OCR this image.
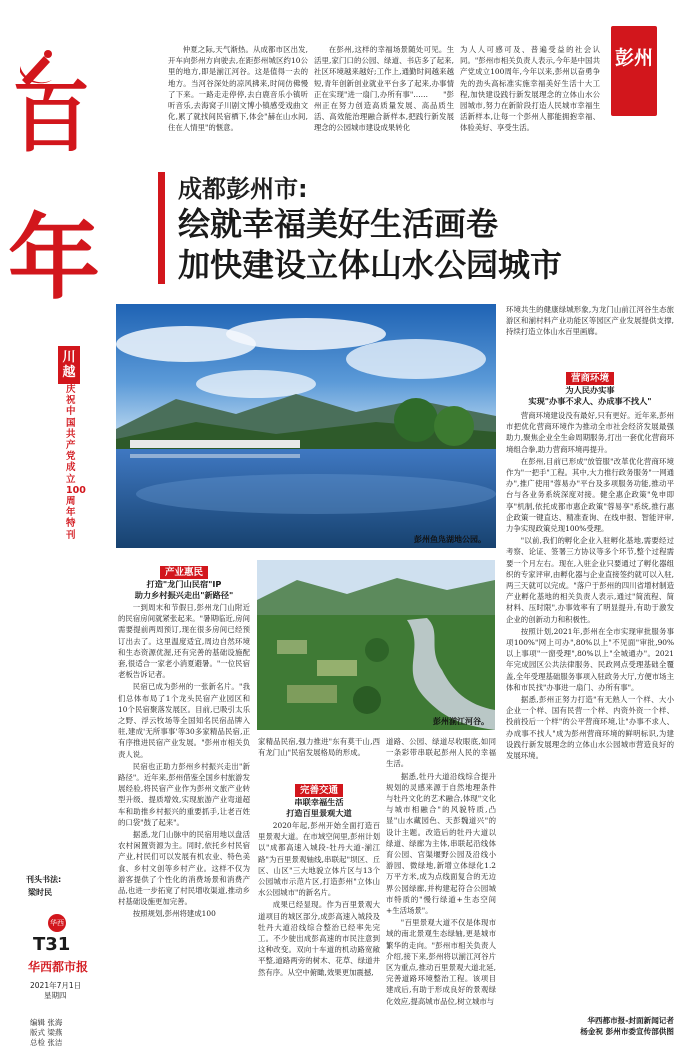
百
年
川越
庆祝中国共产党成立100周年特刊
刊头书法:
梁时民
华西
T31
华西都市报
2021年7月1日
星期四
编辑 张海
版式 梁燕
总检 张洁
仲夏之际,天气渐热。从成都市区出发,开车向彭州方向驶去,在距彭州城区约10公里的地方,即是湔江河谷。这是值得一去的地方。当河谷深处的凉风拂来,时间仿佛慢了下来。一路走走停停,去白鹿音乐小镇听听音乐,去海窝子川剧文博小镇感受戏曲文化,累了就找间民宿栖下,体会"赫在山水间,住在人情里"的惬意。
在彭州,这样的幸福场景随处可见。生活里,家门口的公园、绿道、书店多了起来,社区环境越来越好;工作上,通勤时间越来越短,青年创新创业就业平台多了起来,办事情正在实现"进一扇门,办所有事"……　　"彭州正在努力创造高质量发展、高品质生活、高效能治理融合新样本,把践行新发展理念的公园城市建设成果转化
为人人可感可及、普遍受益的社会认同。"彭州市相关负责人表示,今年是中国共产党成立100周年,今年以来,彭州以奋勇争先的劲头高标准实施幸福美好生活十大工程,加快建设践行新发展理念的立体山水公园城市,努力在新阶段打造人民城市幸福生活新样本,让每一个彭州人都能拥抱幸福、体验美好、享受生活。
彭州
成都彭州市:
绘就幸福美好生活画卷
加快建设立体山水公园城市
彭州鱼凫湖地公园。
彭州湔江河谷。
产业惠民
打造"龙门山民宿"IP
助力乡村振兴走出"新路径"

一到周末和节假日,彭州龙门山附近的民宿房间就紧张起来。"暑期临近,房间需要提前两周预订,现在很多房间已经预订出去了。这里温度适宜,周边自然环境和生态资源优渥,还有完善的基础设施配套,很适合一家老小消夏避暑。"一位民宿老板告诉记者。

民宿已成为彭州的一张新名片。"我们总体布局了1个龙头民宿产业园区和10个民宿聚落发展区。目前,已吸引太乐之野、浮云牧场等全国知名民宿品牌入驻,建成'无所事事'等30多家精品民宿,正有序推进民宿产业发展。"彭州市相关负责人说。

民宿也正助力彭州乡村振兴走出"新路径"。近年来,彭州借鉴全国乡村旅游发展经验,将民宿产业作为彭州文旅产业转型升级、提质增效,实现旅游产业弯道超车和助推乡村振兴的重要抓手,让老百姓的口袋"鼓了起来"。

据悉,龙门山脉中的民宿用地以盘活农村闲置资源为主。同时,依托乡村民宿产业,村民们可以发展有机农业、特色美食、乡村文创等乡村产业。这样不仅为游客提供了个性化的消费场景和消费产品,也进一步拓宽了村民增收渠道,推动乡村基础设施更加完善。

按照规划,彭州将建成100

家精品民宿,强力推进"东有莫干山,西有龙门山"民宿发展格局的形成。
完善交通
串联幸福生活
打造百里景观大道

2020年起,彭州开始全面打造百里景观大道。在市域空间里,彭州计划以"成都高速入城段-牡丹大道-湔江路"为百里景观轴线,串联起"坝区、丘区、山区"三大地貌立体片区与13个公园城市示范片区,打造彭州"立体山水公园城市"的新名片。

成果已经显现。作为百里景观大道项目的城区部分,成彭高速入城段及牡丹大道沿线综合整治已经率先完工。不少驶出成彭高速的市民注意到这种改变。双向十车道的机动路宽敞平整,道路两旁的树木、花草、绿道井然有序。从空中俯瞰,效果更加震撼,

道路、公园、绿道尽收眼底,如同一条彩带串联起彭州人民的幸福生活。

据悉,牡丹大道沿线综合提升规划的灵感来源于自然地理条件与牡丹文化的艺术融合,体现"文化与城市相融合"的风貌特质,凸显"山水藏园色、天彭魏道兴"的设计主题。改造后的牡丹大道以绿道、绿廊为主体,串联起沿线体育公园、官渠堰野公园及沿线小游园、微绿地,新增立体绿化1.2万平方米,成为点线面复合的无边界公园绿廊,并构建起符合公园城市特质的"慢行绿道+生态空间+生活场景"。

"百里景观大道不仅是体现市域的南北景观生态绿轴,更是城市繁华的走向。"彭州市相关负责人介绍,接下来,彭州将以湔江河谷片区为重点,推动百里景观大道北延,完善道路环境整治工程。该项目建成后,有助于形成良好的景观绿化效应,提高城市品位,树立城市与

环境共生的健康绿城形象,为龙门山前江河谷生态旅游区和湔村料产业功能区等园区产业发展提供支撑,持续打造立体山水百里画廊。
营商环境
为人民办实事
实现"办事不求人、办成事不找人"

营商环境建设没有最好,只有更好。近年来,彭州市把优化营商环境作为推动全市社会经济发展最强助力,聚焦企业全生命周期服务,打出一套优化营商环境组合拳,助力营商环境再提升。

在彭州,目前已形成"放管服"改革优化营商环境作为"一把手"工程。其中,大力推行政务服务"一网通办",推广使用"蓉易办"平台及多项服务功能,推动平台与各业务系统深度对接。健全惠企政策"免申即享"机制,依托成都市惠企政策"蓉易享"系统,推行惠企政策一键直达、精准查询、在线申报、智能评审,力争实现政策兑现100%受理。

"以前,我们的孵化企业入驻孵化基地,需要经过考察、论证、签署三方协议等多个环节,整个过程需要一个月左右。现在,入驻企业只要通过了孵化器组织的专家评审,由孵化器与企业直接签约就可以入驻,两三天就可以完成。"落户于彭州的四川省增材制造产业孵化基地的相关负责人表示,通过"简流程、简材料、压时限",办事效率有了明显提升,有助于激发企业的创新动力和积极性。

按照计划,2021年,彭州在全市实现审批服务事项100%"网上可办",80%以上"不见面"审批,90%以上事项"一窗受理",80%以上"全城通办"。2021年完成园区公共法律服务、民政网点受理基础全覆盖,全年受理基础服务事项入驻政务大厅,方便市场主体和市民找"办事进一扇门、办所有事"。

据悉,彭州正努力打造"有无熟人一个样、大小企业一个样、国有民营一个样、内资外资一个样、投前投后一个样"的公平营商环境,让"办事不求人、办成事不找人"成为彭州营商环境的鲜明标识,为建设践行新发展理念的立体山水公园城市营造良好的发展环境。

华西都市报-封面新闻记者
杨金祝 彭州市委宣传部供图
